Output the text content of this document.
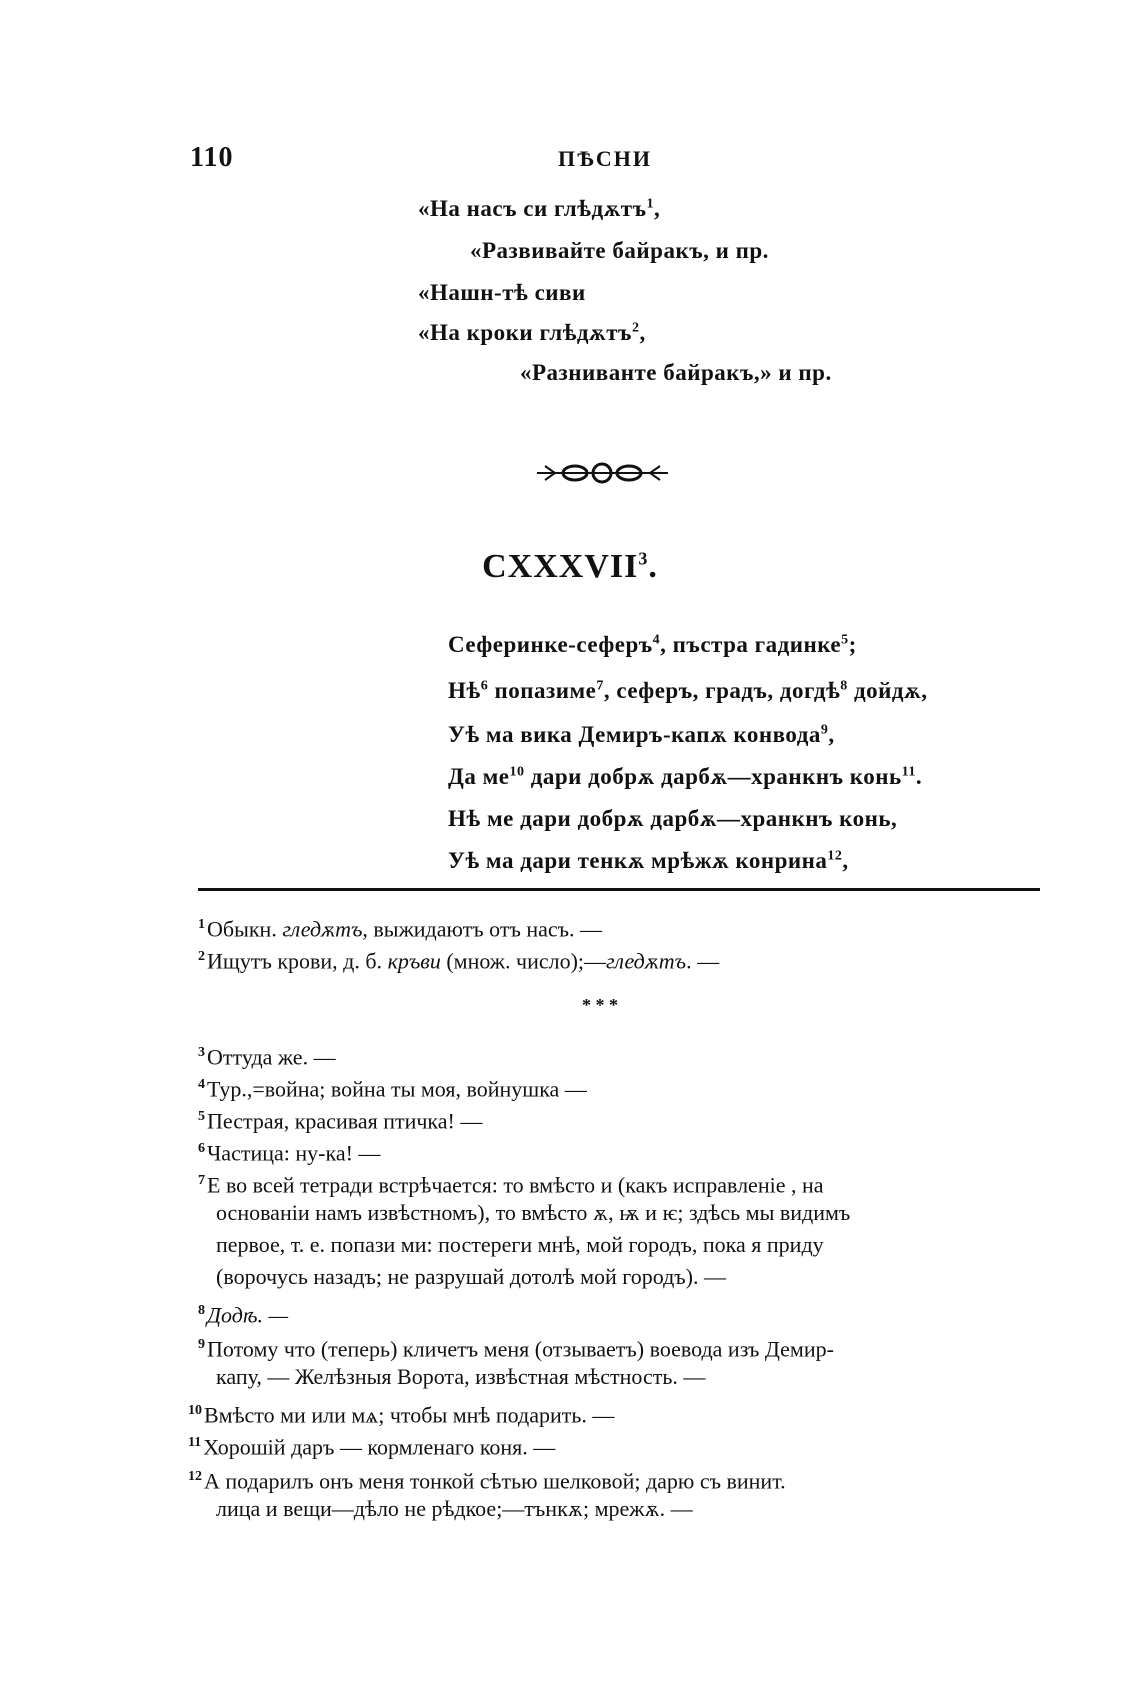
110	ПѢСНИ
«На насъ си глѣдѫтъ$^1$,
«Развивайте байракъ, и пр.
«Нашн-тѣ сиви
«На кроки глѣдѫтъ$^2$,
«Разниванте байракъ,» и пр.
CXXXVII$^3$.
Сеферинке-сеферъ$^4$, пъстра гадинке$^5$;
$Нѣ^6$ попазиме$^7$, сеферъ, градъ, догдѣ$^8$ дойдѫ,
Уѣ ма вика Демиръ-капѫ конвода$^9$,
Да $ме^{10}$ дари добрѫ дарбѫ—хранкнъ конь$^{11}$.
Нѣ ме дари добрѫ дарбѫ—хранкнъ конь,
Уѣ ма дари тенкѫ мрѣжѫ конрина$^{12}$,
$^1$Обыкн. гледѫтъ, выжидаютъ отъ насъ. —
$^2$Ищутъ крови, д. б. кръви (множ. число);—гледѫтъ. —
* * *
$^3$Оттуда же. —
$^4$Тур.,=война; война ты моя, войнушка —
$^5$Пестрая, красивая птичка! —
$^6$Частица: ну-ка! —
$^7$Е во всей тетради встрѣчается: то вмѣсто и (какъ исправленіе , на
основаніи намъ извѣстномъ), то вмѣсто ѫ, ѭ и ѥ; здѣсь мы видимъ
первое, т. е. попази ми: постереги мнѣ, мой городъ, пока я приду
(ворочусь назадъ; не разрушай дотолѣ мой городъ). —
$^8$Додѣ. —
$^9$Потому что (теперь) кличетъ меня (отзываетъ) воевода изъ Демир-
капу, — Желѣзныя Ворота, извѣстная мѣстность. —
$^{10}$Вмѣсто ми или мѧ; чтобы мнѣ подарить. —
$^{11}$Хорошій даръ — кормленаго коня. —
$^{12}$А подарилъ онъ меня тонкой сѣтью шелковой; дарю съ винит.
лица и вещи—дѣло не рѣдкое;—тънкѫ; мрежѫ. —
